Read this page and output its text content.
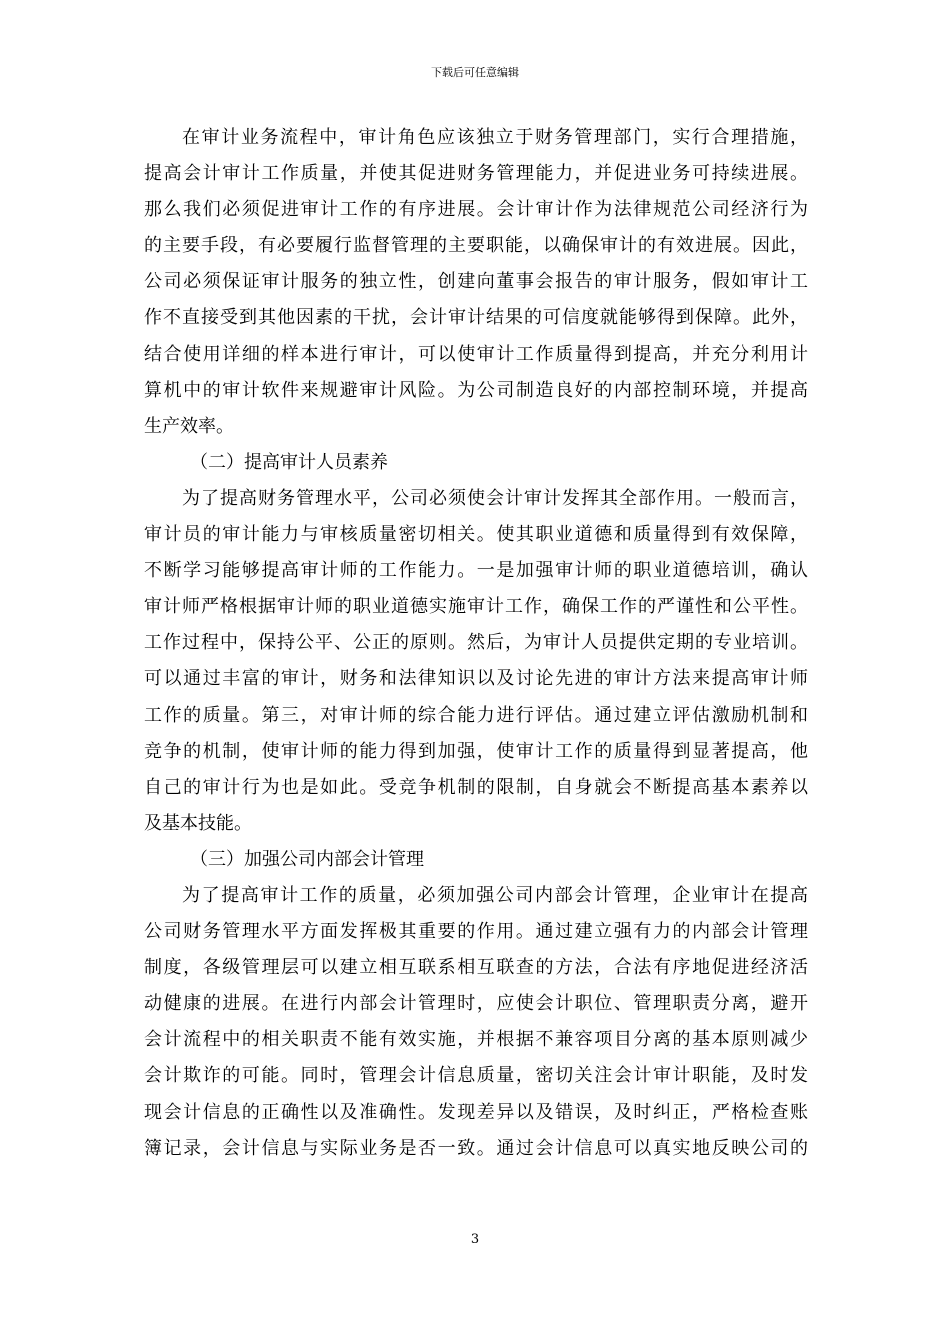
下载后可任意编辑
在审计业务流程中，审计角色应该独立于财务管理部门，实行合理措施，
提高会计审计工作质量，并使其促进财务管理能力，并促进业务可持续进展。
那么我们必须促进审计工作的有序进展。会计审计作为法律规范公司经济行为
的主要手段，有必要履行监督管理的主要职能，以确保审计的有效进展。因此，
公司必须保证审计服务的独立性，创建向董事会报告的审计服务，假如审计工
作不直接受到其他因素的干扰，会计审计结果的可信度就能够得到保障。此外，
结合使用详细的样本进行审计，可以使审计工作质量得到提高，并充分利用计
算机中的审计软件来规避审计风险。为公司制造良好的内部控制环境，并提高
生产效率。
（二）提高审计人员素养
为了提高财务管理水平，公司必须使会计审计发挥其全部作用。一般而言，
审计员的审计能力与审核质量密切相关。使其职业道德和质量得到有效保障，
不断学习能够提高审计师的工作能力。一是加强审计师的职业道德培训，确认
审计师严格根据审计师的职业道德实施审计工作，确保工作的严谨性和公平性。
工作过程中，保持公平、公正的原则。然后，为审计人员提供定期的专业培训。
可以通过丰富的审计，财务和法律知识以及讨论先进的审计方法来提高审计师
工作的质量。第三，对审计师的综合能力进行评估。通过建立评估激励机制和
竞争的机制，使审计师的能力得到加强，使审计工作的质量得到显著提高，他
自己的审计行为也是如此。受竞争机制的限制，自身就会不断提高基本素养以
及基本技能。
（三）加强公司内部会计管理
为了提高审计工作的质量，必须加强公司内部会计管理，企业审计在提高
公司财务管理水平方面发挥极其重要的作用。通过建立强有力的内部会计管理
制度，各级管理层可以建立相互联系相互联查的方法，合法有序地促进经济活
动健康的进展。在进行内部会计管理时，应使会计职位、管理职责分离，避开
会计流程中的相关职责不能有效实施，并根据不兼容项目分离的基本原则减少
会计欺诈的可能。同时，管理会计信息质量，密切关注会计审计职能，及时发
现会计信息的正确性以及准确性。发现差异以及错误，及时纠正，严格检查账
簿记录，会计信息与实际业务是否一致。通过会计信息可以真实地反映公司的
3
